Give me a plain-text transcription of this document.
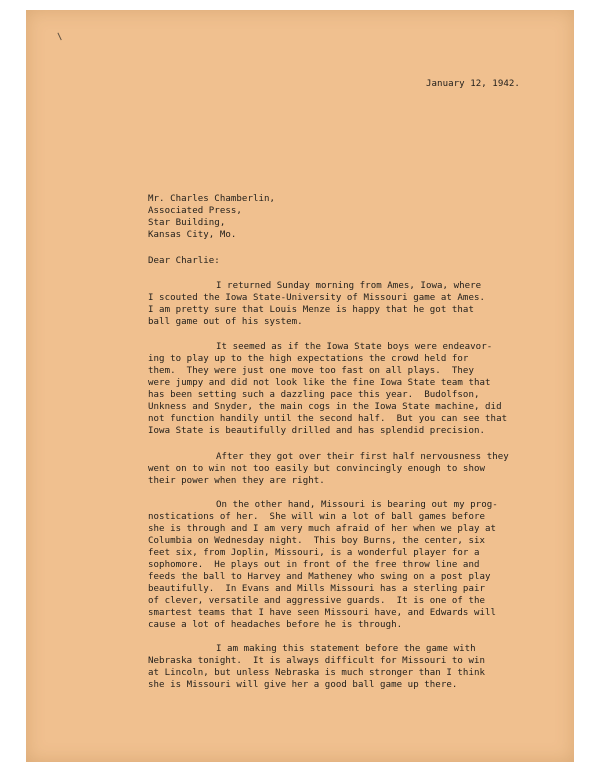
January 12, 1942.
Mr. Charles Chamberlin,
Associated Press,
Star Building,
Kansas City, Mo.
Dear Charlie:
I returned Sunday morning from Ames, Iowa, where
I scouted the Iowa State-University of Missouri game at Ames.
I am pretty sure that Louis Menze is happy that he got that
ball game out of his system.
It seemed as if the Iowa State boys were endeavor-
ing to play up to the high expectations the crowd held for
them.  They were just one move too fast on all plays.  They
were jumpy and did not look like the fine Iowa State team that
has been setting such a dazzling pace this year.  Budolfson,
Unkness and Snyder, the main cogs in the Iowa State machine, did
not function handily until the second half.  But you can see that
Iowa State is beautifully drilled and has splendid precision.
After they got over their first half nervousness they
went on to win not too easily but convincingly enough to show
their power when they are right.
On the other hand, Missouri is bearing out my prog-
nostications of her.  She will win a lot of ball games before
she is through and I am very much afraid of her when we play at
Columbia on Wednesday night.  This boy Burns, the center, six
feet six, from Joplin, Missouri, is a wonderful player for a
sophomore.  He plays out in front of the free throw line and
feeds the ball to Harvey and Matheney who swing on a post play
beautifully.  In Evans and Mills Missouri has a sterling pair
of clever, versatile and aggressive guards.  It is one of the
smartest teams that I have seen Missouri have, and Edwards will
cause a lot of headaches before he is through.
I am making this statement before the game with
Nebraska tonight.  It is always difficult for Missouri to win
at Lincoln, but unless Nebraska is much stronger than I think
she is Missouri will give her a good ball game up there.
